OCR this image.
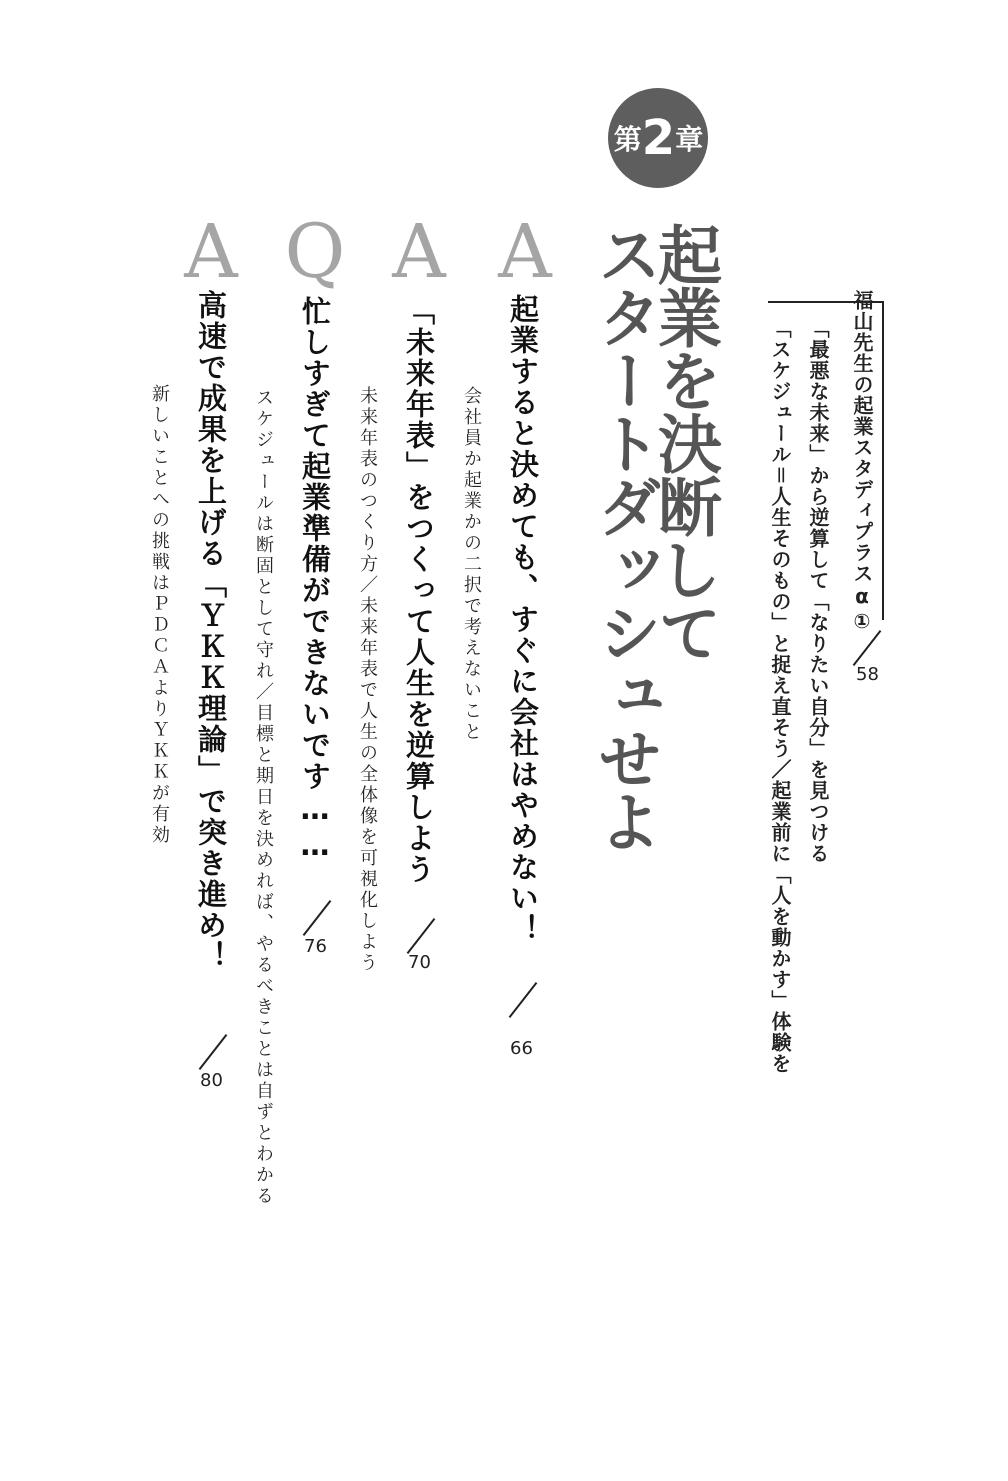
第 2 章
起業を決断して
スタートダッシュせよ	福山先生の起業スタディプラスα①
58
「最悪な未来」から逆算して「なりたい自分」を見つける
「スケジュール＝人生そのもの」と捉え直そう／起業前に「人を動かす」体験を
A
起業すると決めても、すぐに会社はやめない！
会社員か起業かの二択で考えないこと
66
A
「未来年表」をつくって人生を逆算しよう
未来年表のつくり方／未来年表で人生の全体像を可視化しよう 70
Q
忙しすぎて起業準備ができないです……
スケジュールは断固として守れ／目標と期日を決めれば、やるべきことは自ずとわかる 76
A
高速で成果を上げる「ＹＫＫ理論」で突き進め！
新しいことへの挑戦はＰＤＣＡよりＹＫＫが有効
80
